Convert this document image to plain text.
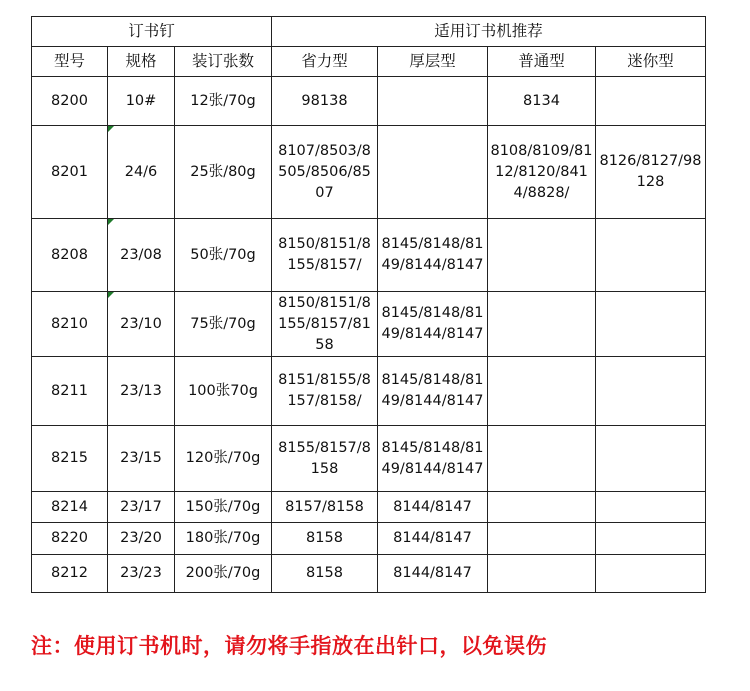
订书钉			适用订书机推荐			
型号	规格	装订张数	省力型	厚层型	普通型	迷你型
8200	10#	12张/70g	98138		8134	
8201	24/6	25张/80g	8107/8503/8505/8506/8507		8108/8109/8112/8120/8414/8828/	8126/8127/98128
8208	23/08	50张/70g	8150/8151/8155/8157/	8145/8148/8149/8144/8147		
8210	23/10	75张/70g	8150/8151/8155/8157/8158	8145/8148/8149/8144/8147		
8211	23/13	100张70g	8151/8155/8157/8158/	8145/8148/8149/8144/8147		
8215	23/15	120张/70g	8155/8157/8158	8145/8148/8149/8144/8147		
8214	23/17	150张/70g	8157/8158	8144/8147		
8220	23/20	180张/70g	8158	8144/8147		
8212	23/23	200张/70g	8158	8144/8147		
注：使用订书机时，请勿将手指放在出针口，以免误伤
